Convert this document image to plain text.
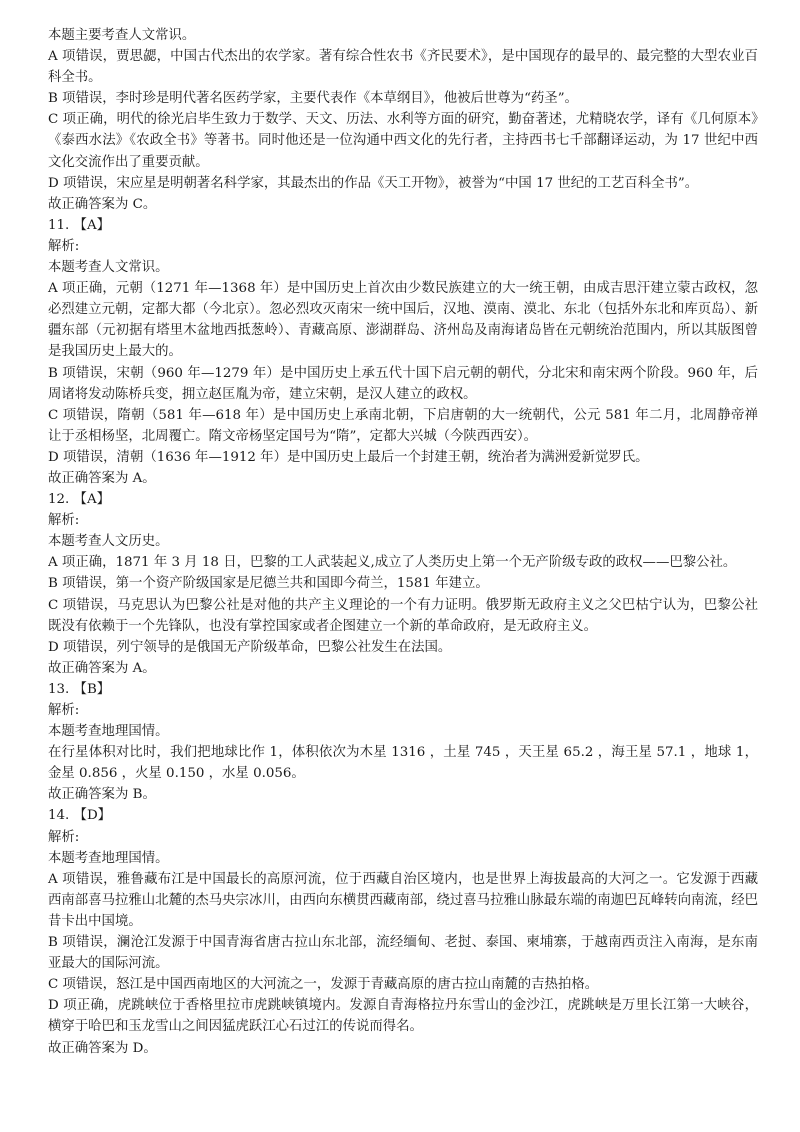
本题主要考查人文常识。
A 项错误，贾思勰，中国古代杰出的农学家。著有综合性农书《齐民要术》，是中国现存的最早的、最完整的大型农业百科全书。
B 项错误，李时珍是明代著名医药学家，主要代表作《本草纲目》，他被后世尊为“药圣”。
C 项正确，明代的徐光启毕生致力于数学、天文、历法、水利等方面的研究，勤奋著述，尤精晓农学，译有《几何原本》《泰西水法》《农政全书》等著书。同时他还是一位沟通中西文化的先行者，主持西书七千部翻译运动，为 17 世纪中西文化交流作出了重要贡献。
D 项错误，宋应星是明朝著名科学家，其最杰出的作品《天工开物》，被誉为“中国 17 世纪的工艺百科全书”。
故正确答案为 C。
11. 【A】
解析:
本题考查人文常识。
A 项正确，元朝（1271 年—1368 年）是中国历史上首次由少数民族建立的大一统王朝，由成吉思汗建立蒙古政权，忽必烈建立元朝，定都大都（今北京）。忽必烈攻灭南宋一统中国后，汉地、漠南、漠北、东北（包括外东北和库页岛）、新疆东部（元初据有塔里木盆地西抵葱岭）、青藏高原、澎湖群岛、济州岛及南海诸岛皆在元朝统治范围内，所以其版图曾是我国历史上最大的。
B 项错误，宋朝（960 年—1279 年）是中国历史上承五代十国下启元朝的朝代，分北宋和南宋两个阶段。960 年，后周诸将发动陈桥兵变，拥立赵匡胤为帝，建立宋朝，是汉人建立的政权。
C 项错误，隋朝（581 年—618 年）是中国历史上承南北朝，下启唐朝的大一统朝代，公元 581 年二月，北周静帝禅让于丞相杨坚，北周覆亡。隋文帝杨坚定国号为“隋”，定都大兴城（今陕西西安）。
D 项错误，清朝（1636 年—1912 年）是中国历史上最后一个封建王朝，统治者为满洲爱新觉罗氏。
故正确答案为 A。
12. 【A】
解析:
本题考查人文历史。
A 项正确，1871 年 3 月 18 日，巴黎的工人武装起义,成立了人类历史上第一个无产阶级专政的政权——巴黎公社。
B 项错误，第一个资产阶级国家是尼德兰共和国即今荷兰，1581 年建立。
C 项错误，马克思认为巴黎公社是对他的共产主义理论的一个有力证明。俄罗斯无政府主义之父巴枯宁认为，巴黎公社既没有依赖于一个先锋队，也没有掌控国家或者企图建立一个新的革命政府，是无政府主义。
D 项错误，列宁领导的是俄国无产阶级革命，巴黎公社发生在法国。
故正确答案为 A。
13. 【B】
解析:
本题考查地理国情。
在行星体积对比时，我们把地球比作 1，体积依次为木星 1316 ，土星 745 ，天王星 65.2 ，海王星 57.1 ，地球 1，金星 0.856 ，火星 0.150 ，水星 0.056。
故正确答案为 B。
14. 【D】
解析:
本题考查地理国情。
A 项错误，雅鲁藏布江是中国最长的高原河流，位于西藏自治区境内，也是世界上海拔最高的大河之一。它发源于西藏西南部喜马拉雅山北麓的杰马央宗冰川，由西向东横贯西藏南部，绕过喜马拉雅山脉最东端的南迦巴瓦峰转向南流，经巴昔卡出中国境。
B 项错误，澜沧江发源于中国青海省唐古拉山东北部，流经缅甸、老挝、泰国、柬埔寨，于越南西贡注入南海，是东南亚最大的国际河流。
C 项错误，怒江是中国西南地区的大河流之一，发源于青藏高原的唐古拉山南麓的吉热拍格。
D 项正确，虎跳峡位于香格里拉市虎跳峡镇境内。发源自青海格拉丹东雪山的金沙江，虎跳峡是万里长江第一大峡谷，横穿于哈巴和玉龙雪山之间因猛虎跃江心石过江的传说而得名。
故正确答案为 D。
